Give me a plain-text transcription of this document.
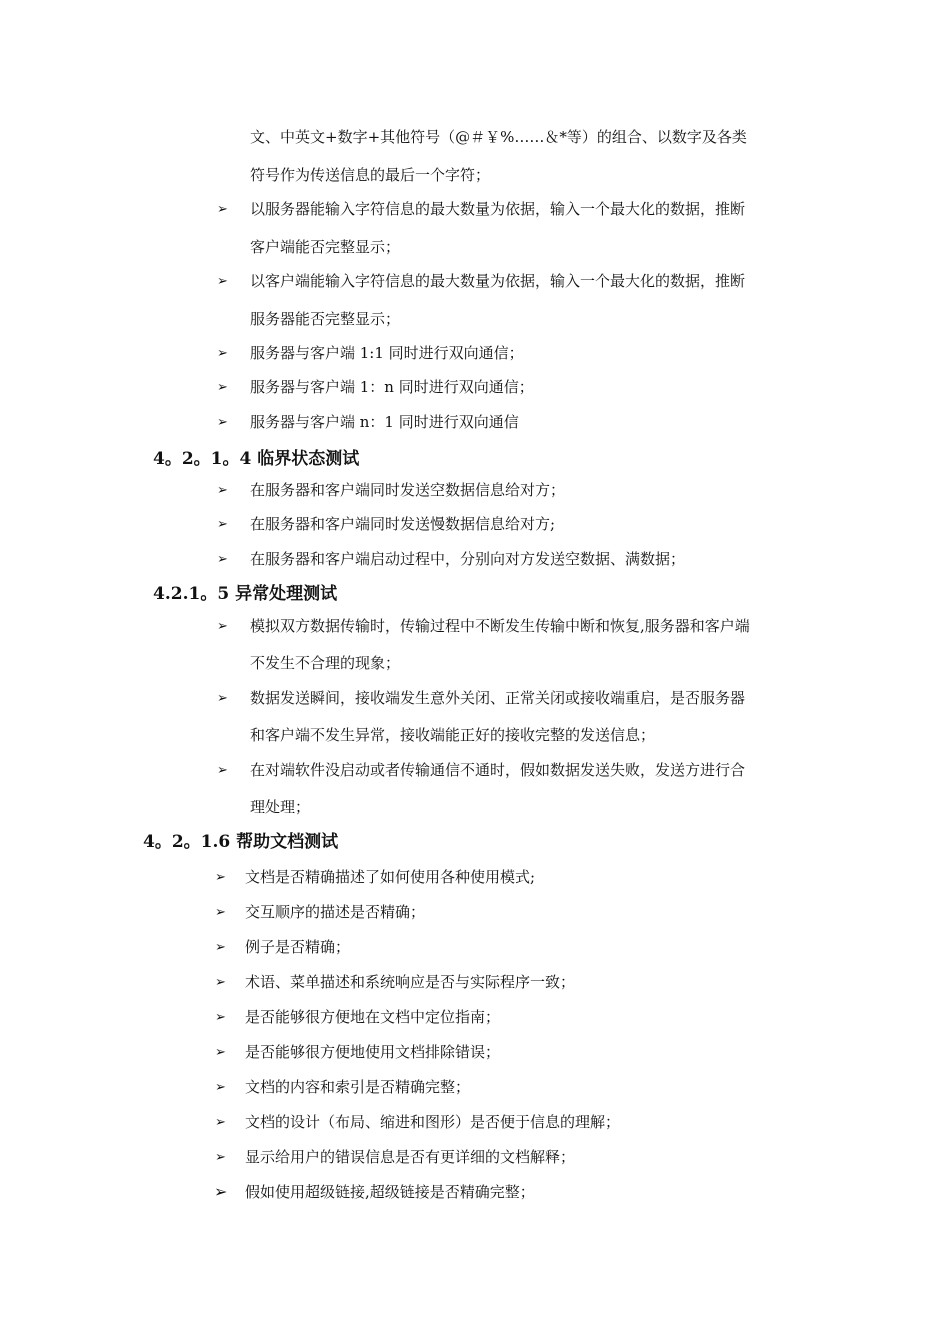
文、中英文+数字+其他符号（@＃￥%……＆*等）的组合、以数字及各类
符号作为传送信息的最后一个字符；
➢ 以服务器能输入字符信息的最大数量为依据，输入一个最大化的数据，推断
客户端能否完整显示；
➢ 以客户端能输入字符信息的最大数量为依据，输入一个最大化的数据，推断
服务器能否完整显示；
➢ 服务器与客户端 1:1 同时进行双向通信；
➢ 服务器与客户端 1：n 同时进行双向通信；
➢ 服务器与客户端 n：1 同时进行双向通信
4。2。1。4 临界状态测试
➢ 在服务器和客户端同时发送空数据信息给对方；
➢ 在服务器和客户端同时发送慢数据信息给对方;
➢ 在服务器和客户端启动过程中，分别向对方发送空数据、满数据；
4.2.1。5 异常处理测试
➢ 模拟双方数据传输时，传输过程中不断发生传输中断和恢复,服务器和客户端
不发生不合理的现象；
➢ 数据发送瞬间，接收端发生意外关闭、正常关闭或接收端重启，是否服务器
和客户端不发生异常，接收端能正好的接收完整的发送信息；
➢ 在对端软件没启动或者传输通信不通时，假如数据发送失败，发送方进行合
理处理；
4。2。1.6 帮助文档测试
➢ 文档是否精确描述了如何使用各种使用模式;
➢ 交互顺序的描述是否精确；
➢ 例子是否精确；
➢ 术语、菜单描述和系统响应是否与实际程序一致；
➢ 是否能够很方便地在文档中定位指南；
➢ 是否能够很方便地使用文档排除错误；
➢ 文档的内容和索引是否精确完整；
➢ 文档的设计（布局、缩进和图形）是否便于信息的理解；
➢ 显示给用户的错误信息是否有更详细的文档解释；
➢ 假如使用超级链接,超级链接是否精确完整；
